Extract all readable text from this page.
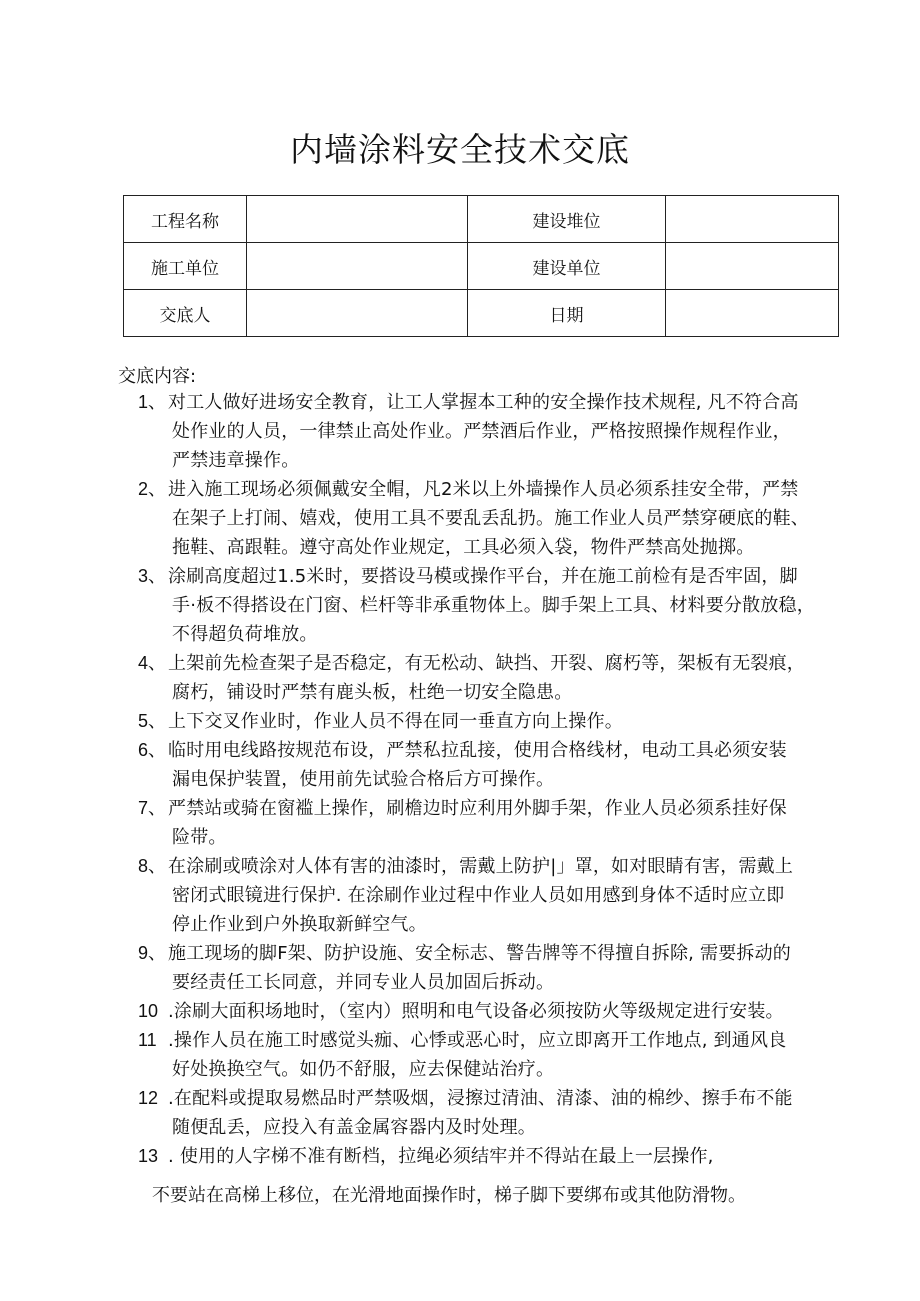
内墙涂料安全技术交底
工程名称		建设堆位	
施工单位		建设单位	
交底人		日期	
交底内容:
1、 对工人做好进场安全教育，让工人掌握本工种的安全操作技术规程, 凡不符合高
处作业的人员，一律禁止高处作业。严禁酒后作业，严格按照操作规程作业，
严禁违章操作。
2、 进入施工现场必须佩戴安全帽，凡2米以上外墙操作人员必须系挂安全带，严禁
在架子上打闹、嬉戏，使用工具不要乱丢乱扔。施工作业人员严禁穿硬底的鞋、
拖鞋、高跟鞋。遵守高处作业规定，工具必须入袋，物件严禁高处抛掷。
3、 涂刷高度超过1.5米时，要搭设马模或操作平台，并在施工前检有是否牢固，脚
手·板不得搭设在门窗、栏杆等非承重物体上。脚手架上工具、材料要分散放稳，
不得超负荷堆放。
4、 上架前先检查架子是否稳定，有无松动、缺挡、开裂、腐朽等，架板有无裂痕，
腐朽，铺设时严禁有鹿头板，杜绝一切安全隐患。
5、 上下交叉作业时，作业人员不得在同一垂直方向上操作。
6、 临时用电线路按规范布设，严禁私拉乱接，使用合格线材，电动工具必须安装
漏电保护装置，使用前先试验合格后方可操作。
7、 严禁站或骑在窗褴上操作，刷檐边时应利用外脚手架，作业人员必须系挂好保
险带。
8、 在涂刷或喷涂对人体有害的油漆时，需戴上防护|」罩，如对眼睛有害，需戴上
密闭式眼镜进行保护. 在涂刷作业过程中作业人员如用感到身体不适时应立即
停止作业到户外换取新鲜空气。
9、 施工现场的脚F架、防护设施、安全标志、警告牌等不得擅自拆除, 需要拆动的
要经责任工长同意，并同专业人员加固后拆动。
10 .涂刷大面积场地时，（室内）照明和电气设备必须按防火等级规定进行安装。
11 .操作人员在施工时感觉头痂、心悸或恶心时，应立即离开工作地点, 到通风良
好处换换空气。如仍不舒服，应去保健站治疗。
12 .在配料或提取易燃品时严禁吸烟，浸擦过清油、清漆、油的棉纱、擦手布不能
随便乱丢，应投入有盖金属容器内及时处理。
13 . 使用的人字梯不准有断档，拉绳必须结牢并不得站在最上一层操作,
不要站在高梯上移位，在光滑地面操作时，梯子脚下要绑布或其他防滑物。
